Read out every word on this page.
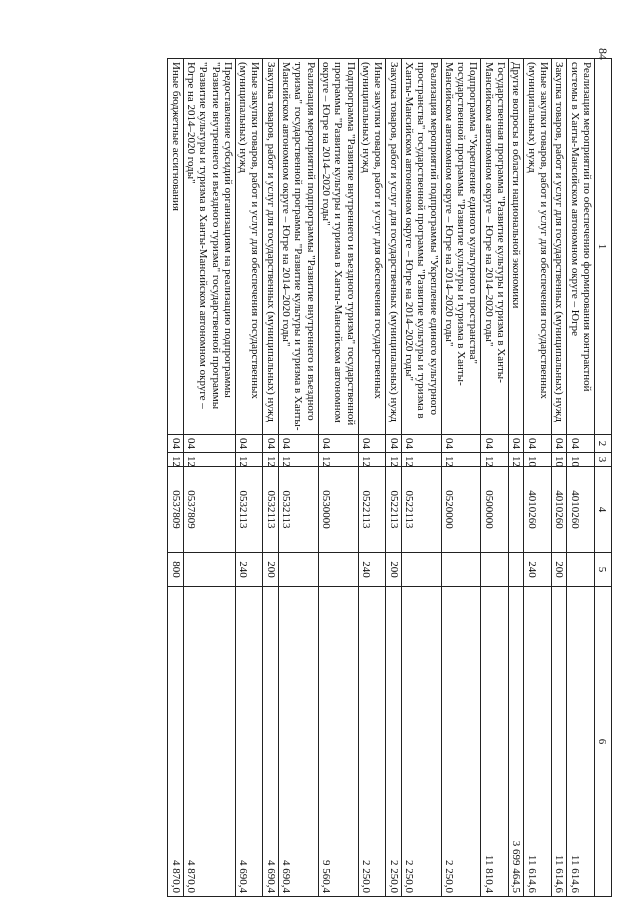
84
1	2	3	4	5	6
Реализация мероприятий по обеспечению формирования контрактной системы в Ханты-Мансийском автономном округе – Югре	04	10	4010260		11 614,6
Закупка товаров, работ и услуг для государственных (муниципальных) нужд	04	10	4010260	200	11 614,6
Иные закупки товаров, работ и услуг для обеспечения государственных (муниципальных) нужд	04	10	4010260	240	11 614,6
Другие вопросы в области национальной экономики	04	12			3 699 464,5
Государственная программа "Развитие культуры и туризма в Ханты-Мансийском автономном округе – Югре на 2014–2020 годы"	04	12	0500000		11 810,4
Подпрограмма "Укрепление единого культурного пространства" государственной программы "Развитие культуры и туризма в Ханты-Мансийском автономном округе – Югре на 2014–2020 годы"	04	12	0520000		2 250,0
Реализация мероприятий подпрограммы "Укрепление единого культурного пространства" государственной программы "Развитие культуры и туризма в Ханты-Мансийском автономном округе – Югре на 2014–2020 годы"	04	12	0522113		2 250,0
Закупка товаров, работ и услуг для государственных (муниципальных) нужд	04	12	0522113	200	2 250,0
Иные закупки товаров, работ и услуг для обеспечения государственных (муниципальных) нужд	04	12	0522113	240	2 250,0
Подпрограмма "Развитие внутреннего и въездного туризма" государственной программы "Развитие культуры и туризма в Ханты-Мансийском автономном округе – Югре на 2014–2020 годы"	04	12	0530000		9 560,4
Реализация мероприятий подпрограммы "Развитие внутреннего и въездного туризма" государственной программы "Развитие культуры и туризма в Ханты-Мансийском автономном округе – Югре на 2014–2020 годы"	04	12	0532113		4 690,4
Закупка товаров, работ и услуг для государственных (муниципальных) нужд	04	12	0532113	200	4 690,4
Иные закупки товаров, работ и услуг для обеспечения государственных (муниципальных) нужд	04	12	0532113	240	4 690,4
Предоставление субсидий организациям на реализацию подпрограммы "Развитие внутреннего и въездного туризма" государственной программы "Развитие культуры и туризма в Ханты-Мансийском автономном округе – Югре на 2014–2020 годы"	04	12	0537809		4 870,0
Иные бюджетные ассигнования	04	12	0537809	800	4 870,0
